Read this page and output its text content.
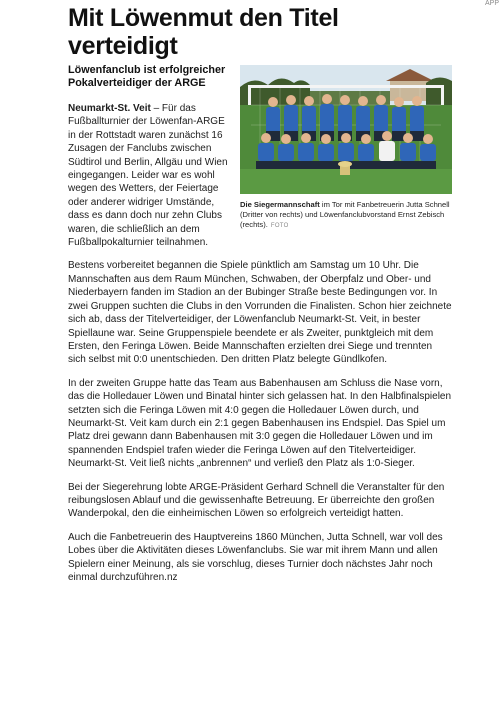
APP
Mit Löwenmut den Titel verteidigt
Die Siegermannschaft im Tor mit Fanbetreuerin Jutta Schnell (Dritter von rechts) und Löwenfanclubvorstand Ernst Zebisch (rechts). FOTO

Löwenfanclub ist erfolgreicher Pokalverteidiger der ARGE

Neumarkt-St. Veit – Für das Fußballturnier der Löwenfan-ARGE in der Rottstadt waren zunächst 16 Zusagen der Fanclubs zwischen Südtirol und Berlin, Allgäu und Wien eingegangen. Leider war es wohl wegen des Wetters, der Feiertage oder anderer widriger Umstände, dass es dann doch nur zehn Clubs waren, die schließlich an dem Fußballpokalturnier teilnahmen.

Bestens vorbereitet begannen die Spiele pünktlich am Samstag um 10 Uhr. Die Mannschaften aus dem Raum München, Schwaben, der Oberpfalz und Ober- und Niederbayern fanden im Stadion an der Bubinger Straße beste Bedingungen vor. In zwei Gruppen suchten die Clubs in den Vorrunden die Finalisten. Schon hier zeichnete sich ab, dass der Titelverteidiger, der Löwenfanclub Neumarkt-St. Veit, in bester Spiellaune war. Seine Gruppenspiele beendete er als Zweiter, punktgleich mit dem Ersten, den Feringa Löwen. Beide Mannschaften erzielten drei Siege und trennten sich selbst mit 0:0 unentschieden. Den dritten Platz belegte Gündlkofen.

In der zweiten Gruppe hatte das Team aus Babenhausen am Schluss die Nase vorn, das die Holledauer Löwen und Binatal hinter sich gelassen hat. In den Halbfinalspielen setzten sich die Feringa Löwen mit 4:0 gegen die Holledauer Löwen durch, und Neumarkt-St. Veit kam durch ein 2:1 gegen Babenhausen ins Endspiel. Das Spiel um Platz drei gewann dann Babenhausen mit 3:0 gegen die Holledauer Löwen und im spannenden Endspiel trafen wieder die Feringa Löwen auf den Titelverteidiger. Neumarkt-St. Veit ließ nichts „anbrennen“ und verließ den Platz als 1:0-Sieger.

Bei der Siegerehrung lobte ARGE-Präsident Gerhard Schnell die Veranstalter für den reibungslosen Ablauf und die gewissenhafte Betreuung. Er überreichte den großen Wanderpokal, den die einheimischen Löwen so erfolgreich verteidigt hatten.

Auch die Fanbetreuerin des Hauptvereins 1860 München, Jutta Schnell, war voll des Lobes über die Aktivitäten dieses Löwenfanclubs. Sie war mit ihrem Mann und allen Spielern einer Meinung, als sie vorschlug, dieses Turnier doch nächstes Jahr noch einmal durchzuführen.nz
